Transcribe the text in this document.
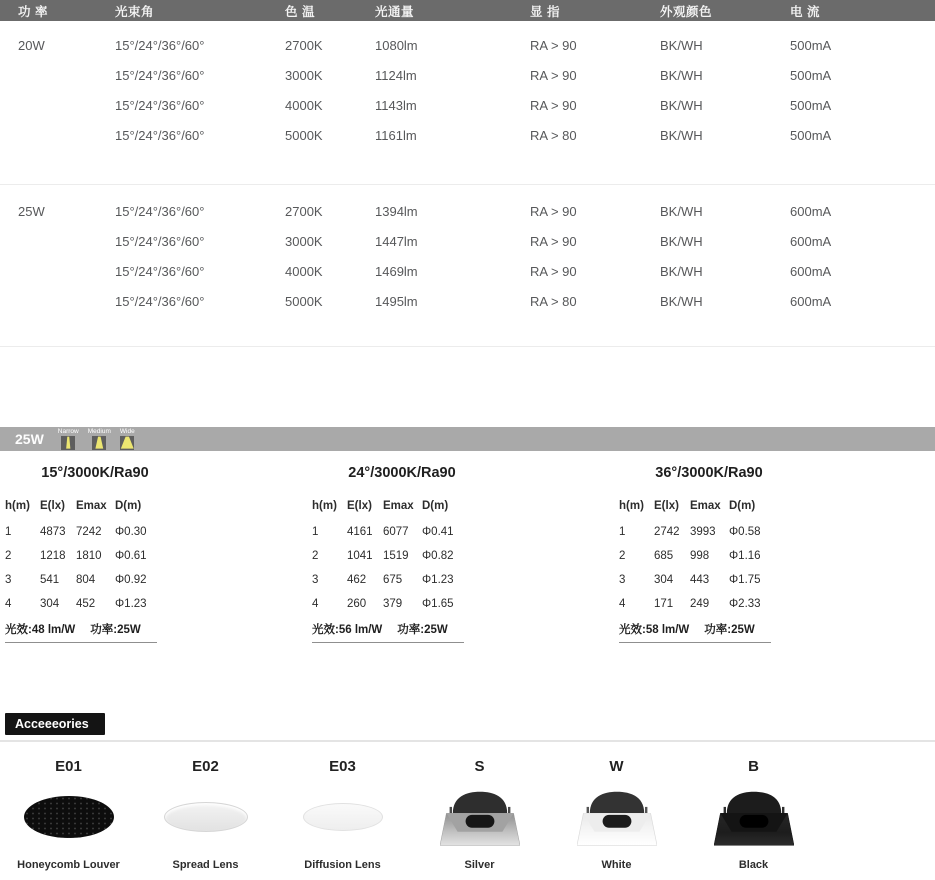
功 率	光束角	色 温	光通量	显 指	外观颜色	电 流

20W	15°/24°/36°/60°	2700K	1080lm	RA > 90	BK/WH	500mA
	15°/24°/36°/60°	3000K	1124lm	RA > 90	BK/WH	500mA
	15°/24°/36°/60°	4000K	1143lm	RA > 90	BK/WH	500mA
	15°/24°/36°/60°	5000K	1161lm	RA > 80	BK/WH	500mA

25W	15°/24°/36°/60°	2700K	1394lm	RA > 90	BK/WH	600mA
	15°/24°/36°/60°	3000K	1447lm	RA > 90	BK/WH	600mA
	15°/24°/36°/60°	4000K	1469lm	RA > 90	BK/WH	600mA
	15°/24°/36°/60°	5000K	1495lm	RA > 80	BK/WH	600mA

25W Narrow Medium Wide
15°/3000K/Ra90
h(m)	E(lx)	Emax	D(m)
1	4873	7242	Φ0.30
2	1218	1810	Φ0.61
3	541	804	Φ0.92
4	304	452	Φ1.23
光效:48 lm/W 功率:25W
24°/3000K/Ra90
h(m)	E(lx)	Emax	D(m)
1	4161	6077	Φ0.41
2	1041	1519	Φ0.82
3	462	675	Φ1.23
4	260	379	Φ1.65
光效:56 lm/W 功率:25W
36°/3000K/Ra90
h(m)	E(lx)	Emax	D(m)
1	2742	3993	Φ0.58
2	685	998	Φ1.16
3	304	443	Φ1.75
4	171	249	Φ2.33
光效:58 lm/W 功率:25W
Acceeeories
E01
Honeycomb Louver
E02
Spread Lens
E03
Diffusion Lens
S
Silver
W
White
B
Black
